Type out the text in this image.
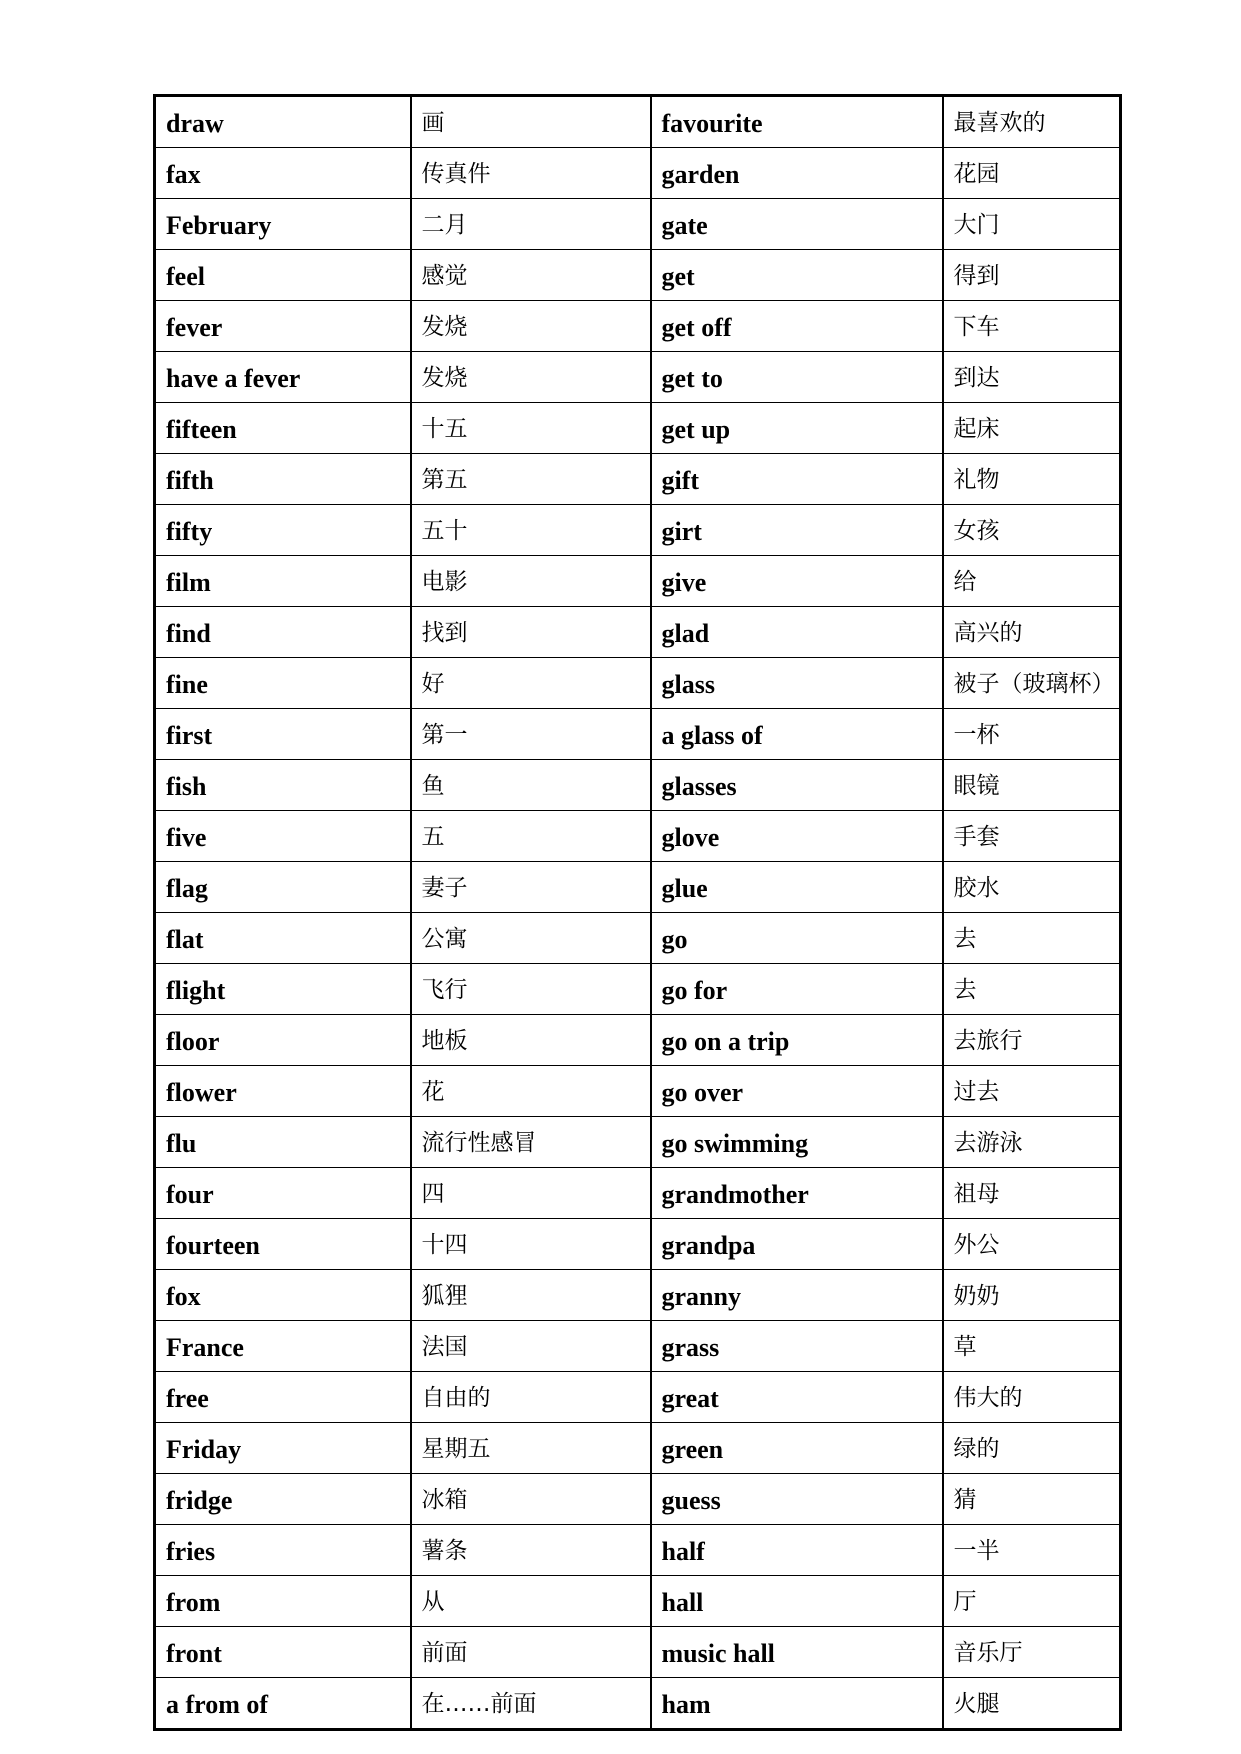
draw	画	favourite	最喜欢的
fax	传真件	garden	花园
February	二月	gate	大门
feel	感觉	get	得到
fever	发烧	get off	下车
have a fever	发烧	get to	到达
fifteen	十五	get up	起床
fifth	第五	gift	礼物
fifty	五十	girt	女孩
film	电影	give	给
find	找到	glad	高兴的
fine	好	glass	被子（玻璃杯）
first	第一	a glass of	一杯
fish	鱼	glasses	眼镜
five	五	glove	手套
flag	妻子	glue	胶水
flat	公寓	go	去
flight	飞行	go for	去
floor	地板	go on a trip	去旅行
flower	花	go over	过去
flu	流行性感冒	go swimming	去游泳
four	四	grandmother	祖母
fourteen	十四	grandpa	外公
fox	狐狸	granny	奶奶
France	法国	grass	草
free	自由的	great	伟大的
Friday	星期五	green	绿的
fridge	冰箱	guess	猜
fries	薯条	half	一半
from	从	hall	厅
front	前面	music hall	音乐厅
a from of	在……前面	ham	火腿
